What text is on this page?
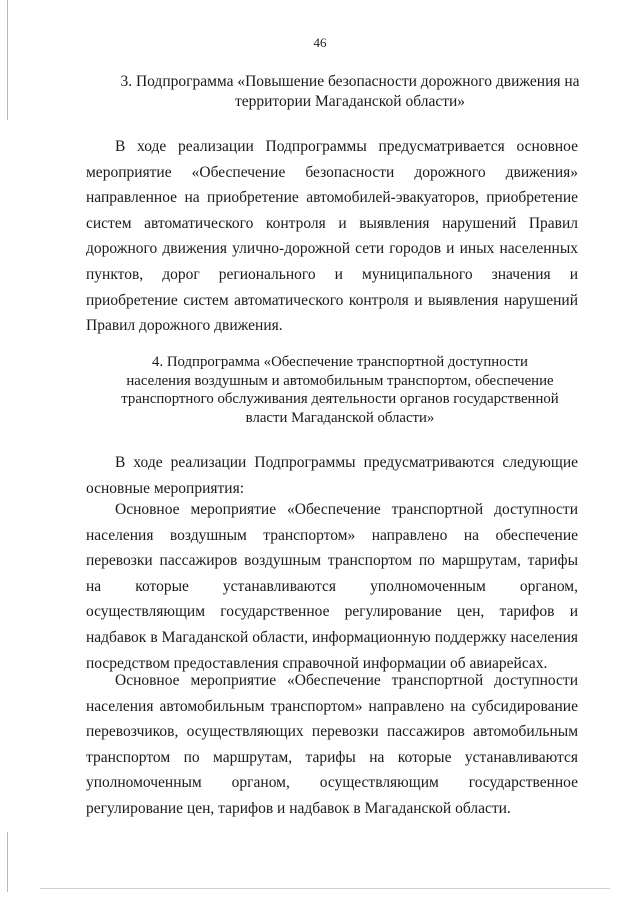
46
3. Подпрограмма «Повышение безопасности дорожного движения на
территории Магаданской области»
В ходе реализации Подпрограммы предусматривается основное мероприятие «Обеспечение безопасности дорожного движения» направленное на приобретение автомобилей-эвакуаторов, приобретение систем автоматического контроля и выявления нарушений Правил дорожного движения улично-дорожной сети городов и иных населенных пунктов, дорог регионального и муниципального значения и приобретение систем автоматического контроля и выявления нарушений Правил дорожного движения.
4. Подпрограмма «Обеспечение транспортной доступности
населения воздушным и автомобильным транспортом, обеспечение
транспортного обслуживания деятельности органов государственной
власти Магаданской области»
В ходе реализации Подпрограммы предусматриваются следующие основные мероприятия:
Основное мероприятие «Обеспечение транспортной доступности населения воздушным транспортом» направлено на обеспечение перевозки пассажиров воздушным транспортом по маршрутам, тарифы на которые устанавливаются уполномоченным органом, осуществляющим государственное регулирование цен, тарифов и надбавок в Магаданской области, информационную поддержку населения посредством предоставления справочной информации об авиарейсах.
Основное мероприятие «Обеспечение транспортной доступности населения автомобильным транспортом» направлено на субсидирование перевозчиков, осуществляющих перевозки пассажиров автомобильным транспортом по маршрутам, тарифы на которые устанавливаются уполномоченным органом, осуществляющим государственное регулирование цен, тарифов и надбавок в Магаданской области.
